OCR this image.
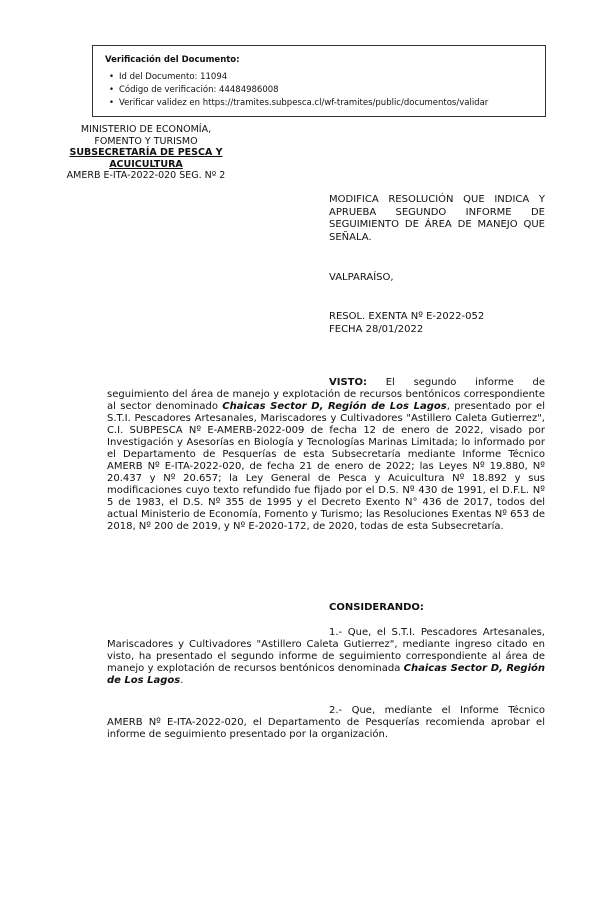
Verificación del Documento:
• Id del Documento: 11094
• Código de verificación: 44484986008
• Verificar validez en https://tramites.subpesca.cl/wf-tramites/public/documentos/validar
MINISTERIO DE ECONOMÍA,
FOMENTO Y TURISMO
SUBSECRETARÍA DE PESCA Y ACUICULTURA
AMERB E-ITA-2022-020 SEG. Nº 2
MODIFICA RESOLUCIÓN QUE INDICA Y APRUEBA SEGUNDO INFORME DE SEGUIMIENTO DE ÁREA DE MANEJO QUE SEÑALA.
VALPARAÍSO,
RESOL. EXENTA Nº E-2022-052
FECHA 28/01/2022
VISTO: El segundo informe de seguimiento del área de manejo y explotación de recursos bentónicos correspondiente al sector denominado Chaicas Sector D, Región de Los Lagos, presentado por el S.T.I. Pescadores Artesanales, Mariscadores y Cultivadores "Astillero Caleta Gutierrez", C.I. SUBPESCA Nº E-AMERB-2022-009 de fecha 12 de enero de 2022, visado por Investigación y Asesorías en Biología y Tecnologías Marinas Limitada; lo informado por el Departamento de Pesquerías de esta Subsecretaría mediante Informe Técnico AMERB Nº E-ITA-2022-020, de fecha 21 de enero de 2022; las Leyes Nº 19.880, Nº 20.437 y Nº 20.657; la Ley General de Pesca y Acuicultura Nº 18.892 y sus modificaciones cuyo texto refundido fue fijado por el D.S. Nº 430 de 1991, el D.F.L. Nº 5 de 1983, el D.S. Nº 355 de 1995 y el Decreto Exento N° 436 de 2017, todos del actual Ministerio de Economía, Fomento y Turismo; las Resoluciones Exentas Nº 653 de 2018, Nº 200 de 2019, y Nº E-2020-172, de 2020, todas de esta Subsecretaría.
CONSIDERANDO:
1.- Que, el S.T.I. Pescadores Artesanales, Mariscadores y Cultivadores "Astillero Caleta Gutierrez", mediante ingreso citado en visto, ha presentado el segundo informe de seguimiento correspondiente al área de manejo y explotación de recursos bentónicos denominada Chaicas Sector D, Región de Los Lagos.
2.- Que, mediante el Informe Técnico AMERB Nº E-ITA-2022-020, el Departamento de Pesquerías recomienda aprobar el informe de seguimiento presentado por la organización.
